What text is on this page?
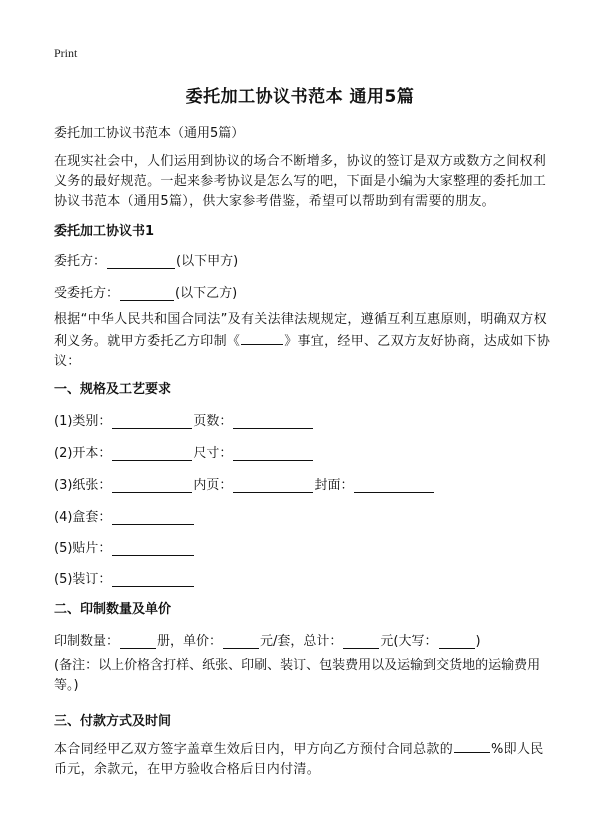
Print
委托加工协议书范本 通用5篇
委托加工协议书范本（通用5篇）
在现实社会中，人们运用到协议的场合不断增多，协议的签订是双方或数方之间权利义务的最好规范。一起来参考协议是怎么写的吧，下面是小编为大家整理的委托加工协议书范本（通用5篇），供大家参考借鉴，希望可以帮助到有需要的朋友。
委托加工协议书1
委托方：	(以下甲方)
受委托方：	(以下乙方)
根据“中华人民共和国合同法”及有关法律法规规定，遵循互利互惠原则，明确双方权利义务。就甲方委托乙方印制《	》事宜，经甲、乙双方友好协商，达成如下协议：
一、规格及工艺要求
(1)类别：	页数：
(2)开本：	尺寸：
(3)纸张：	内页：	封面：
(4)盒套：
(5)贴片：
(5)装订：
二、印制数量及单价
印制数量：	册，单价：	元/套，总计：	元(大写：	)
(备注：以上价格含打样、纸张、印刷、装订、包装费用以及运输到交货地的运输费用等。)
三、付款方式及时间
本合同经甲乙双方签字盖章生效后日内，甲方向乙方预付合同总款的	%即人民币元，余款元，在甲方验收合格后日内付清。
